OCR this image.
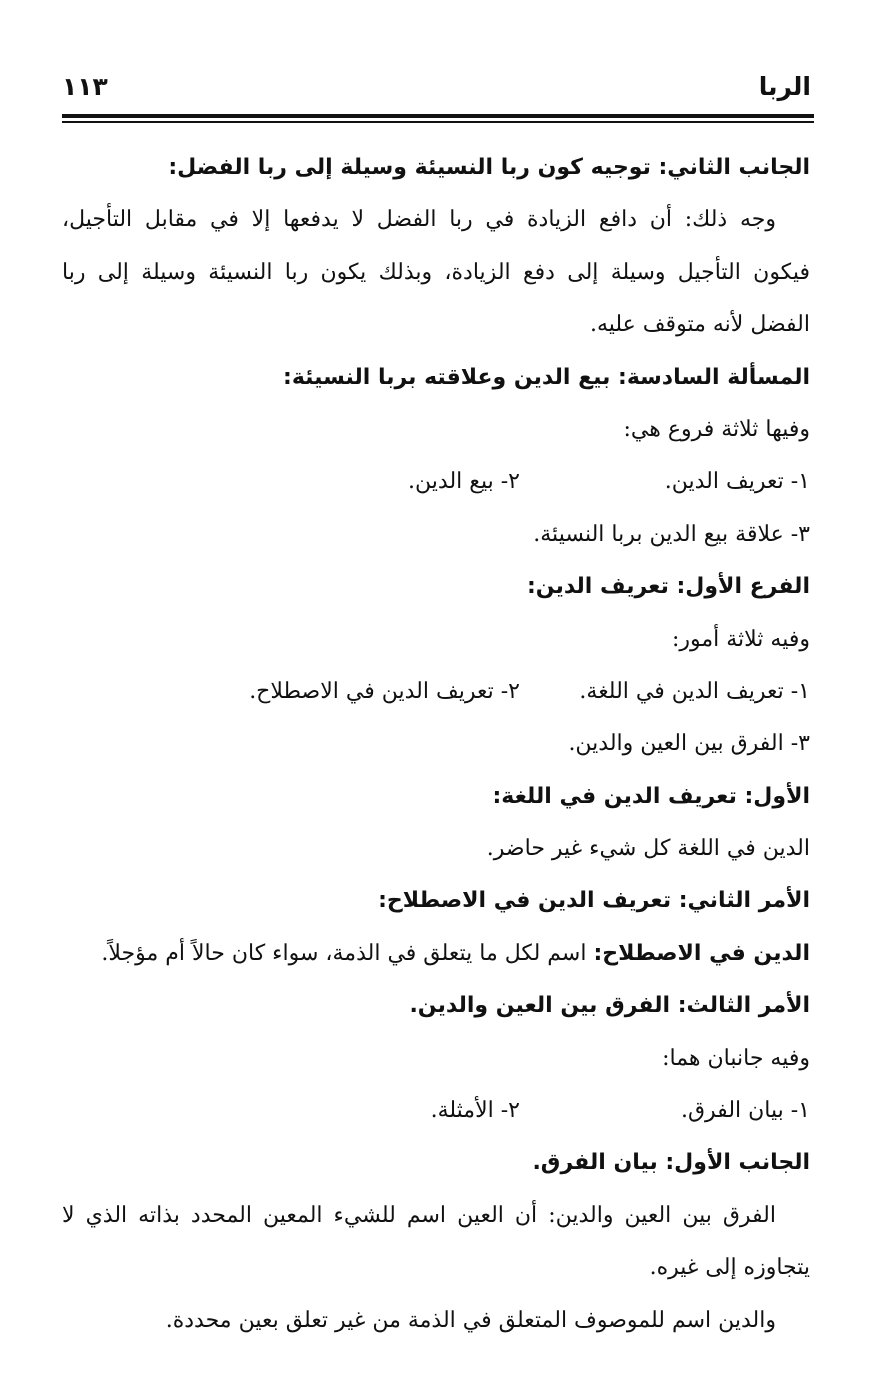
الربا
١١٣
الجانب الثاني: توجيه كون ربا النسيئة وسيلة إلى ربا الفضل:
وجه ذلك: أن دافع الزيادة في ربا الفضل لا يدفعها إلا في مقابل التأجيل،
فيكون التأجيل وسيلة إلى دفع الزيادة، وبذلك يكون ربا النسيئة وسيلة إلى ربا
الفضل لأنه متوقف عليه.
المسألة السادسة: بيع الدين وعلاقته بربا النسيئة:
وفيها ثلاثة فروع هي:
١- تعريف الدين.٢- بيع الدين.
٣- علاقة بيع الدين بربا النسيئة.
الفرع الأول: تعريف الدين:
وفيه ثلاثة أمور:
١- تعريف الدين في اللغة.٢- تعريف الدين في الاصطلاح.
٣- الفرق بين العين والدين.
الأول: تعريف الدين في اللغة:
الدين في اللغة كل شيء غير حاضر.
الأمر الثاني: تعريف الدين في الاصطلاح:
الدين في الاصطلاح: اسم لكل ما يتعلق في الذمة، سواء كان حالاً أم مؤجلاً.
الأمر الثالث: الفرق بين العين والدين.
وفيه جانبان هما:
١- بيان الفرق.٢- الأمثلة.
الجانب الأول: بيان الفرق.
الفرق بين العين والدين: أن العين اسم للشيء المعين المحدد بذاته الذي لا
يتجاوزه إلى غيره.
والدين اسم للموصوف المتعلق في الذمة من غير تعلق بعين محددة.
